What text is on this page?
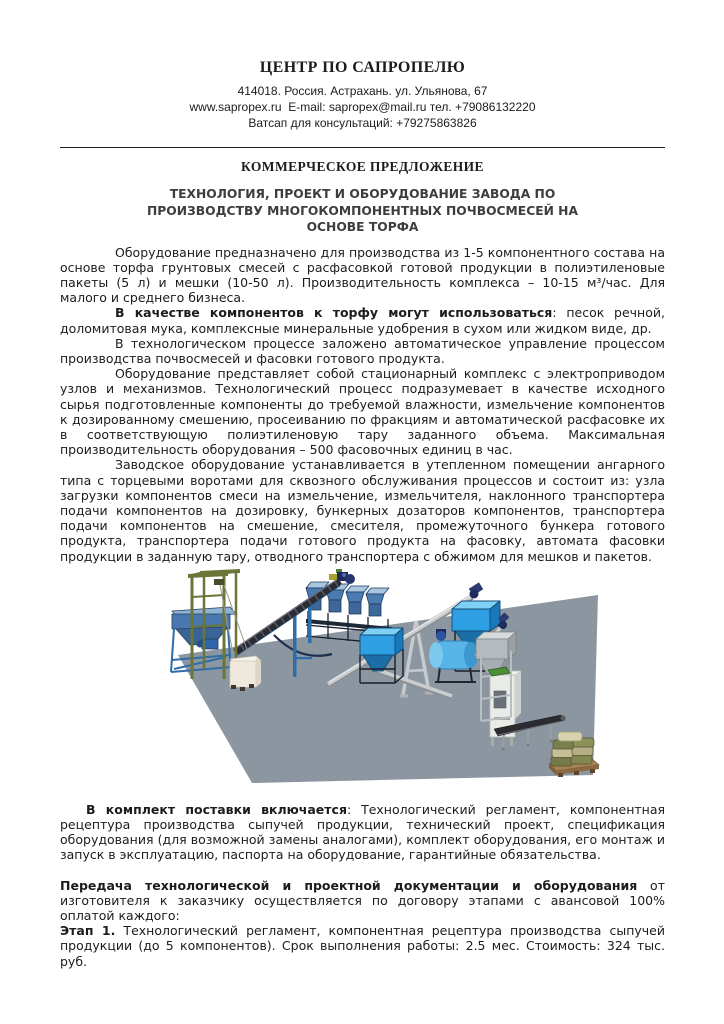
ЦЕНТР ПО САПРОПЕЛЮ
414018. Россия. Астрахань. ул. Ульянова, 67
www.sapropex.ru  E-mail: sapropex@mail.ru тел. +79086132220
Ватсап для консультаций: +79275863826
КОММЕРЧЕСКОЕ ПРЕДЛОЖЕНИЕ
ТЕХНОЛОГИЯ, ПРОЕКТ И ОБОРУДОВАНИЕ ЗАВОДА ПО ПРОИЗВОДСТВУ МНОГОКОМПОНЕНТНЫХ ПОЧВОСМЕСЕЙ НА ОСНОВЕ ТОРФА

Оборудование предназначено для производства из 1-5 компонентного состава на основе торфа грунтовых смесей с расфасовкой готовой продукции в полиэтиленовые пакеты (5 л) и мешки (10-50 л). Производительность комплекса – 10-15 м³/час. Для малого и среднего бизнеса.

В качестве компонентов к торфу могут использоваться: песок речной, доломитовая мука, комплексные минеральные удобрения в сухом или жидком виде, др.

В технологическом процессе заложено автоматическое управление процессом производства почвосмесей и фасовки готового продукта.

Оборудование представляет собой стационарный комплекс с электроприводом узлов и механизмов. Технологический процесс подразумевает в качестве исходного сырья подготовленные компоненты до требуемой влажности, измельчение компонентов к дозированному смешению, просеиванию по фракциям и автоматической расфасовке их в соответствующую полиэтиленовую тару заданного объема. Максимальная производительность оборудования – 500 фасовочных единиц в час.

Заводское оборудование устанавливается в утепленном помещении ангарного типа с торцевыми воротами для сквозного обслуживания процессов и состоит из: узла загрузки компонентов смеси на измельчение, измельчителя, наклонного транспортера подачи компонентов на дозировку, бункерных дозаторов компонентов, транспортера подачи компонентов на смешение, смесителя, промежуточного бункера готового продукта, транспортера подачи готового продукта на фасовку, автомата фасовки продукции в заданную тару, отводного транспортера с обжимом для мешков и пакетов.

В комплект поставки включается: Технологический регламент, компонентная рецептура производства сыпучей продукции, технический проект, спецификация оборудования (для возможной замены аналогами), комплект оборудования, его монтаж и запуск в эксплуатацию, паспорта на оборудование, гарантийные обязательства.

Передача технологической и проектной документации и оборудования от изготовителя к заказчику осуществляется по договору этапами с авансовой 100% оплатой каждого:

Этап 1. Технологический регламент, компонентная рецептура производства сыпучей продукции (до 5 компонентов). Срок выполнения работы: 2.5 мес. Стоимость: 324 тыс. руб.
